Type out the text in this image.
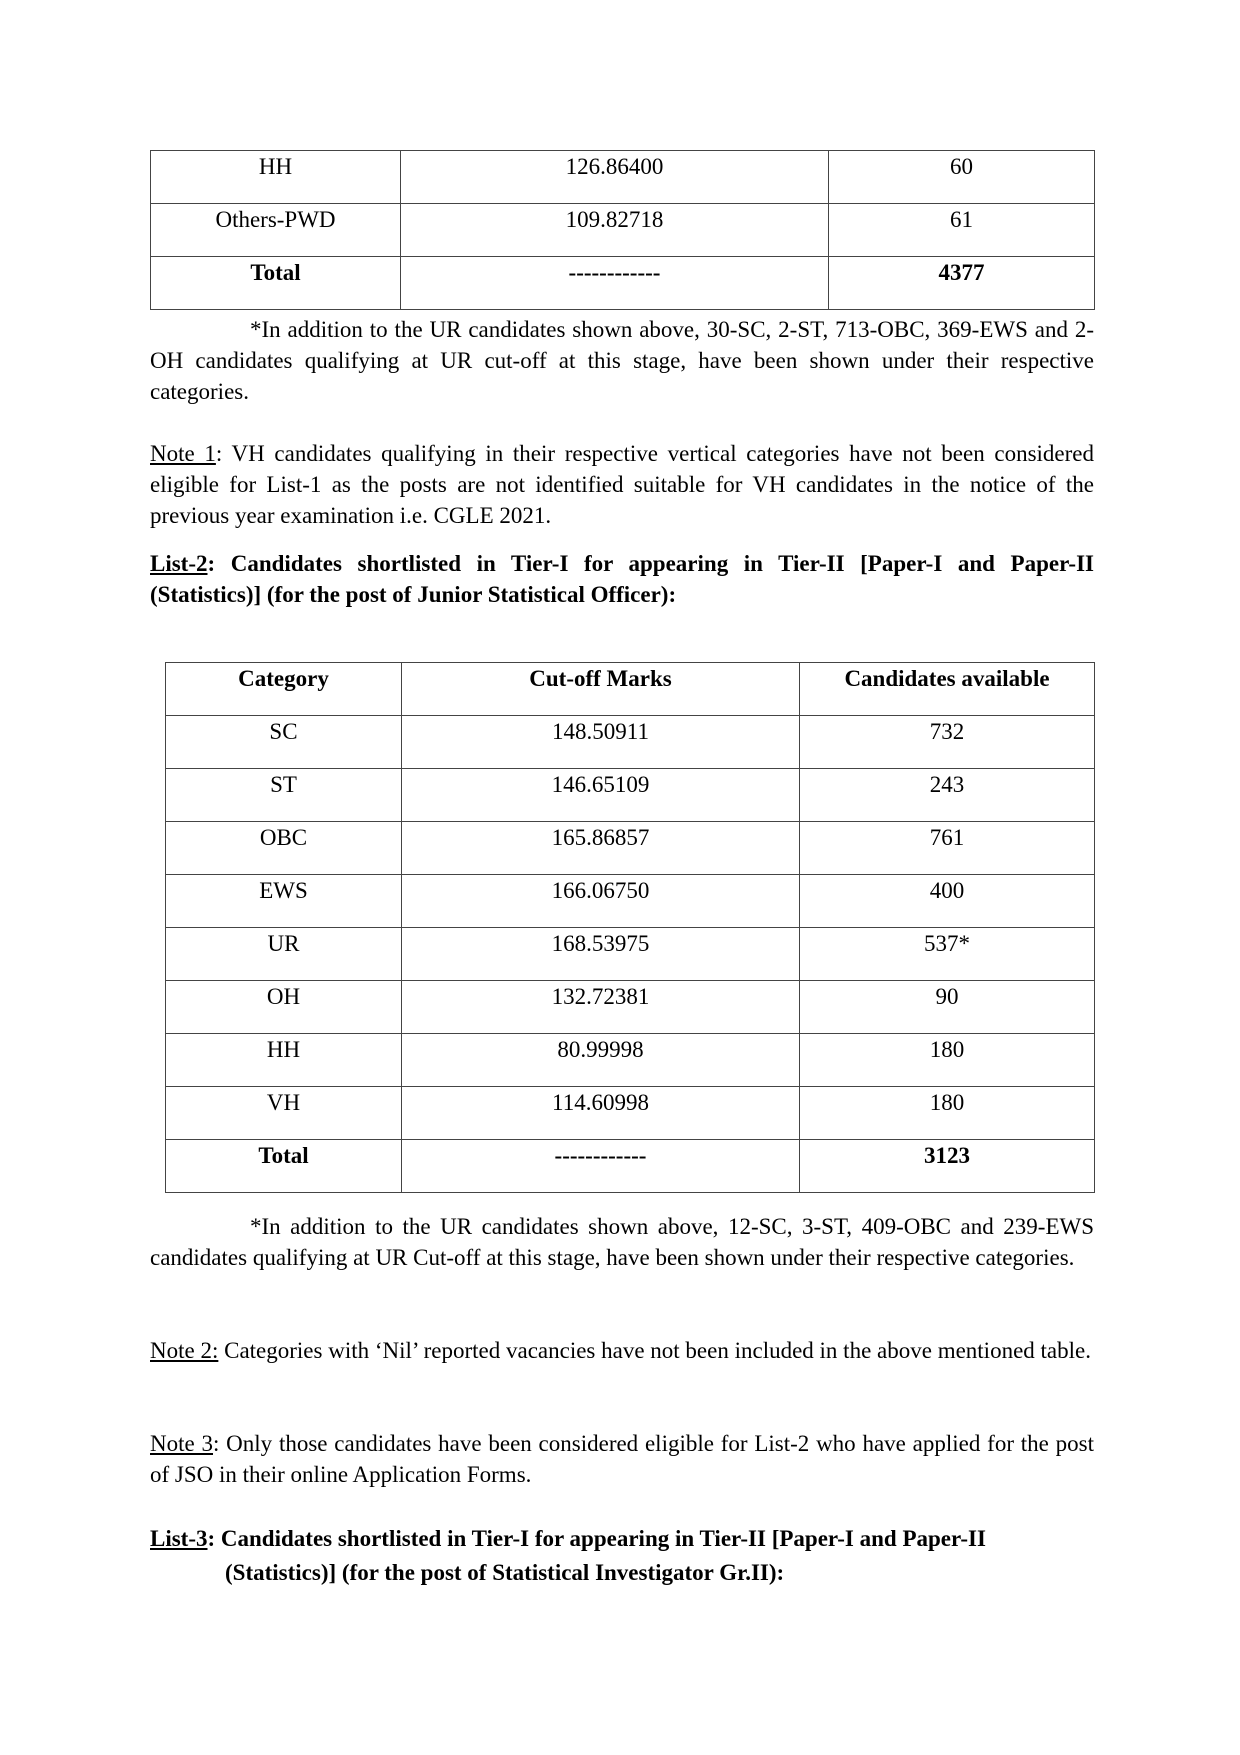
HH	126.86400	60
Others-PWD	109.82718	61
Total	------------	4377

*In addition to the UR candidates shown above, 30-SC, 2-ST, 713-OBC, 369-EWS and 2-OH candidates qualifying at UR cut-off at this stage, have been shown under their respective categories.

Note 1: VH candidates qualifying in their respective vertical categories have not been considered eligible for List-1 as the posts are not identified suitable for VH candidates in the notice of the previous year examination i.e. CGLE 2021.

List-2: Candidates shortlisted in Tier-I for appearing in Tier-II [Paper-I and Paper-II (Statistics)] (for the post of Junior Statistical Officer):

Category	Cut-off Marks	Candidates available
SC	148.50911	732
ST	146.65109	243
OBC	165.86857	761
EWS	166.06750	400
UR	168.53975	537*
OH	132.72381	90
HH	80.99998	180
VH	114.60998	180
Total	------------	3123

*In addition to the UR candidates shown above, 12-SC, 3-ST, 409-OBC and 239-EWS candidates qualifying at UR Cut-off at this stage, have been shown under their respective categories.

Note 2: Categories with ‘Nil’ reported vacancies have not been included in the above mentioned table.

Note 3: Only those candidates have been considered eligible for List-2 who have applied for the post of JSO in their online Application Forms.

List-3: Candidates shortlisted in Tier-I for appearing in Tier-II [Paper-I and Paper-II

(Statistics)] (for the post of Statistical Investigator Gr.II):
